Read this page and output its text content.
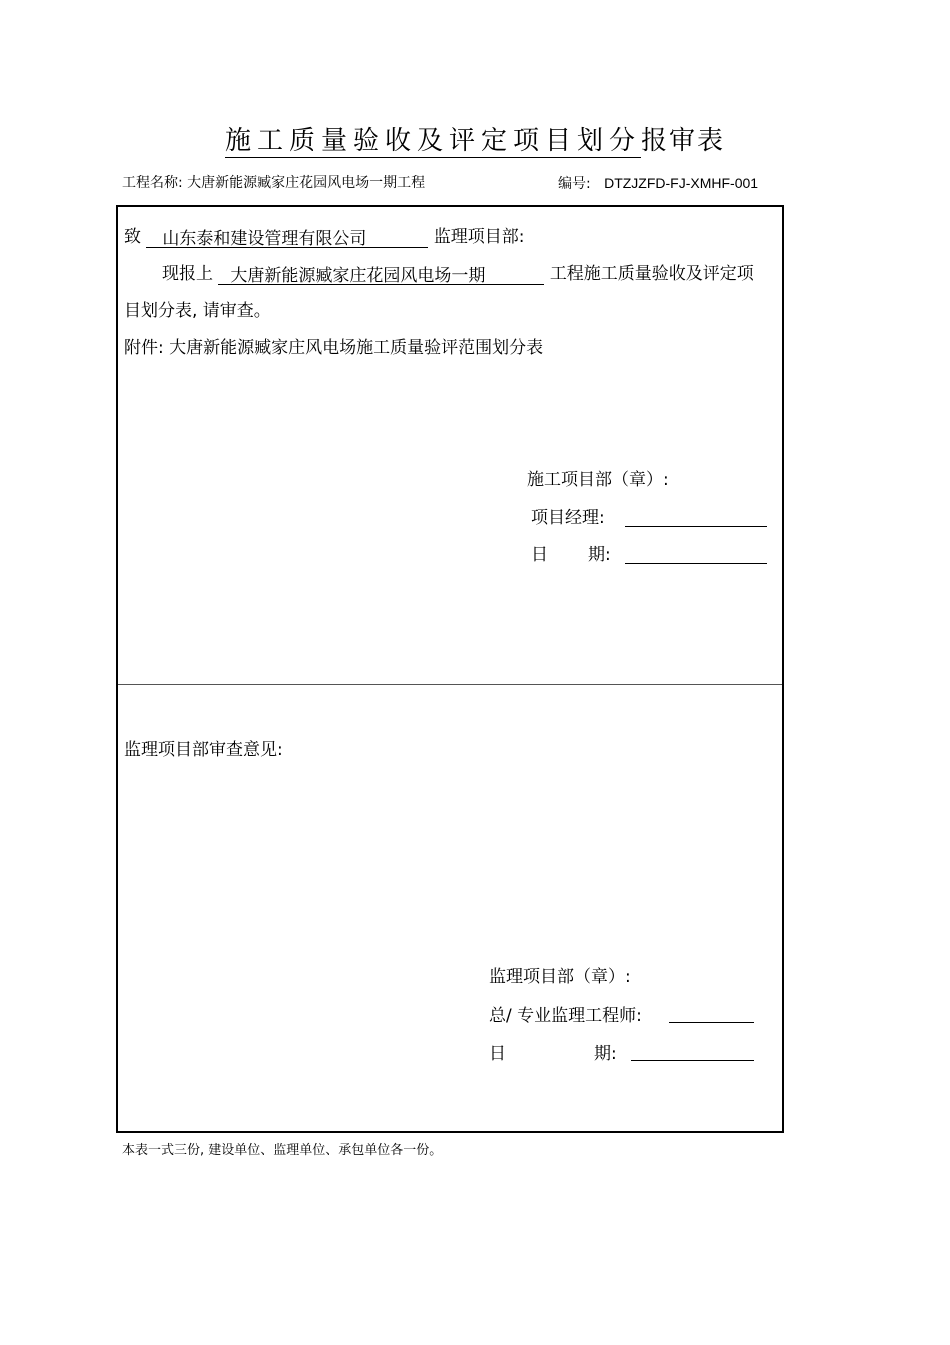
施工质量验收及评定项目划分报审表
工程名称: 大唐新能源臧家庄花园风电场一期工程	编号: DTZJZFD-FJ-XMHF-001
致 山东泰和建设管理有限公司	监理项目部:
现报上 大唐新能源臧家庄花园风电场一期	工程施工质量验收及评定项
目划分表, 请审查。
附件: 大唐新能源臧家庄风电场施工质量验评范围划分表
施工项目部（章）:
项目经理:
日 期:
监理项目部审查意见:
监理项目部（章）:
总/ 专业监理工程师:
日	期:
本表一式三份, 建设单位、监理单位、承包单位各一份。
